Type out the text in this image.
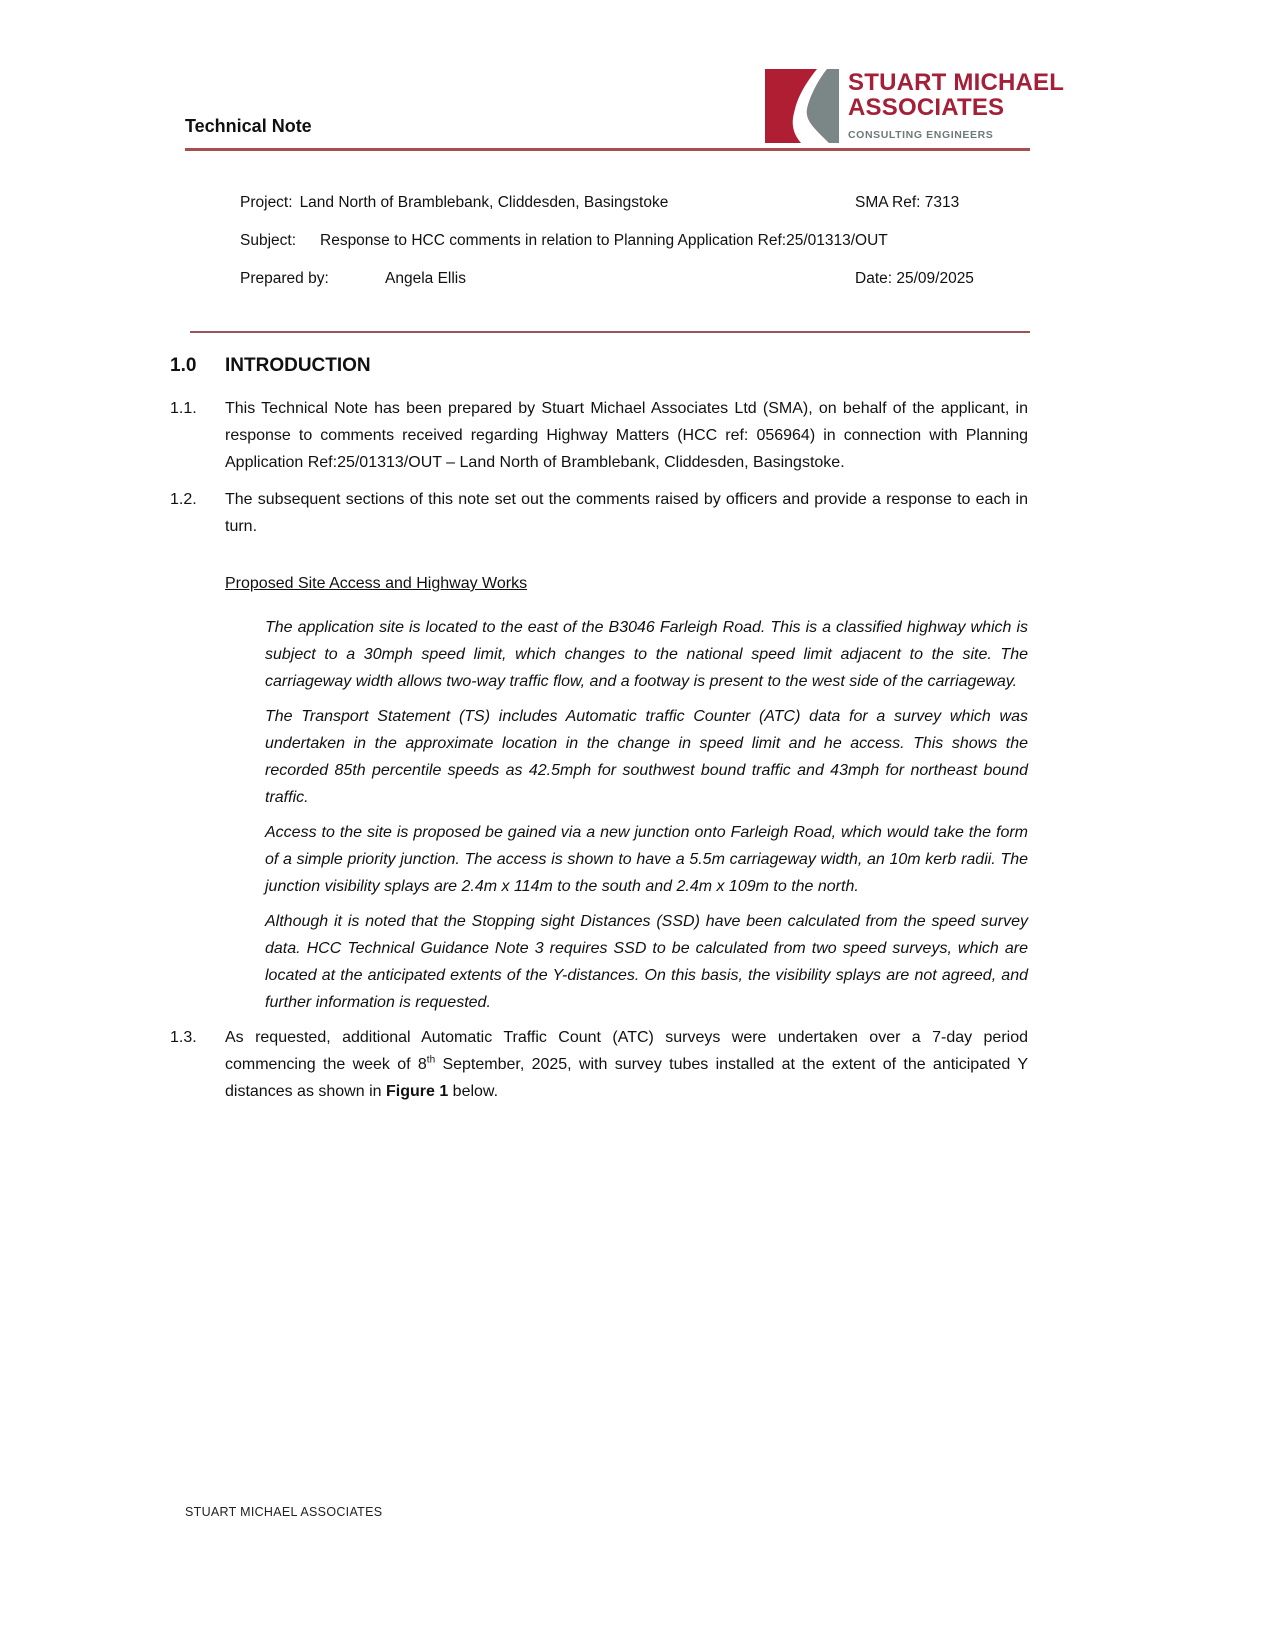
Technical Note
STUART MICHAEL
ASSOCIATES
CONSULTING ENGINEERS
Project: Land North of Bramblebank, Cliddesden, Basingstoke	SMA Ref: 7313
Subject: Response to HCC comments in relation to Planning Application Ref:25/01313/OUT
Prepared by:	Angela Ellis	Date: 25/09/2025
1.0	INTRODUCTION
1.1.	This Technical Note has been prepared by Stuart Michael Associates Ltd (SMA), on behalf of the applicant, in response to comments received regarding Highway Matters (HCC ref: 056964) in connection with Planning Application Ref:25/01313/OUT – Land North of Bramblebank, Cliddesden, Basingstoke.
1.2.	The subsequent sections of this note set out the comments raised by officers and provide a response to each in turn.
Proposed Site Access and Highway Works
The application site is located to the east of the B3046 Farleigh Road. This is a classified highway which is subject to a 30mph speed limit, which changes to the national speed limit adjacent to the site. The carriageway width allows two-way traffic flow, and a footway is present to the west side of the carriageway.
The Transport Statement (TS) includes Automatic traffic Counter (ATC) data for a survey which was undertaken in the approximate location in the change in speed limit and he access. This shows the recorded 85th percentile speeds as 42.5mph for southwest bound traffic and 43mph for northeast bound traffic.
Access to the site is proposed be gained via a new junction onto Farleigh Road, which would take the form of a simple priority junction. The access is shown to have a 5.5m carriageway width, an 10m kerb radii. The junction visibility splays are 2.4m x 114m to the south and 2.4m x 109m to the north.
Although it is noted that the Stopping sight Distances (SSD) have been calculated from the speed survey data. HCC Technical Guidance Note 3 requires SSD to be calculated from two speed surveys, which are located at the anticipated extents of the Y-distances. On this basis, the visibility splays are not agreed, and further information is requested.
1.3.	As requested, additional Automatic Traffic Count (ATC) surveys were undertaken over a 7-day period commencing the week of 8th September, 2025, with survey tubes installed at the extent of the anticipated Y distances as shown in Figure 1 below.
STUART MICHAEL ASSOCIATES
